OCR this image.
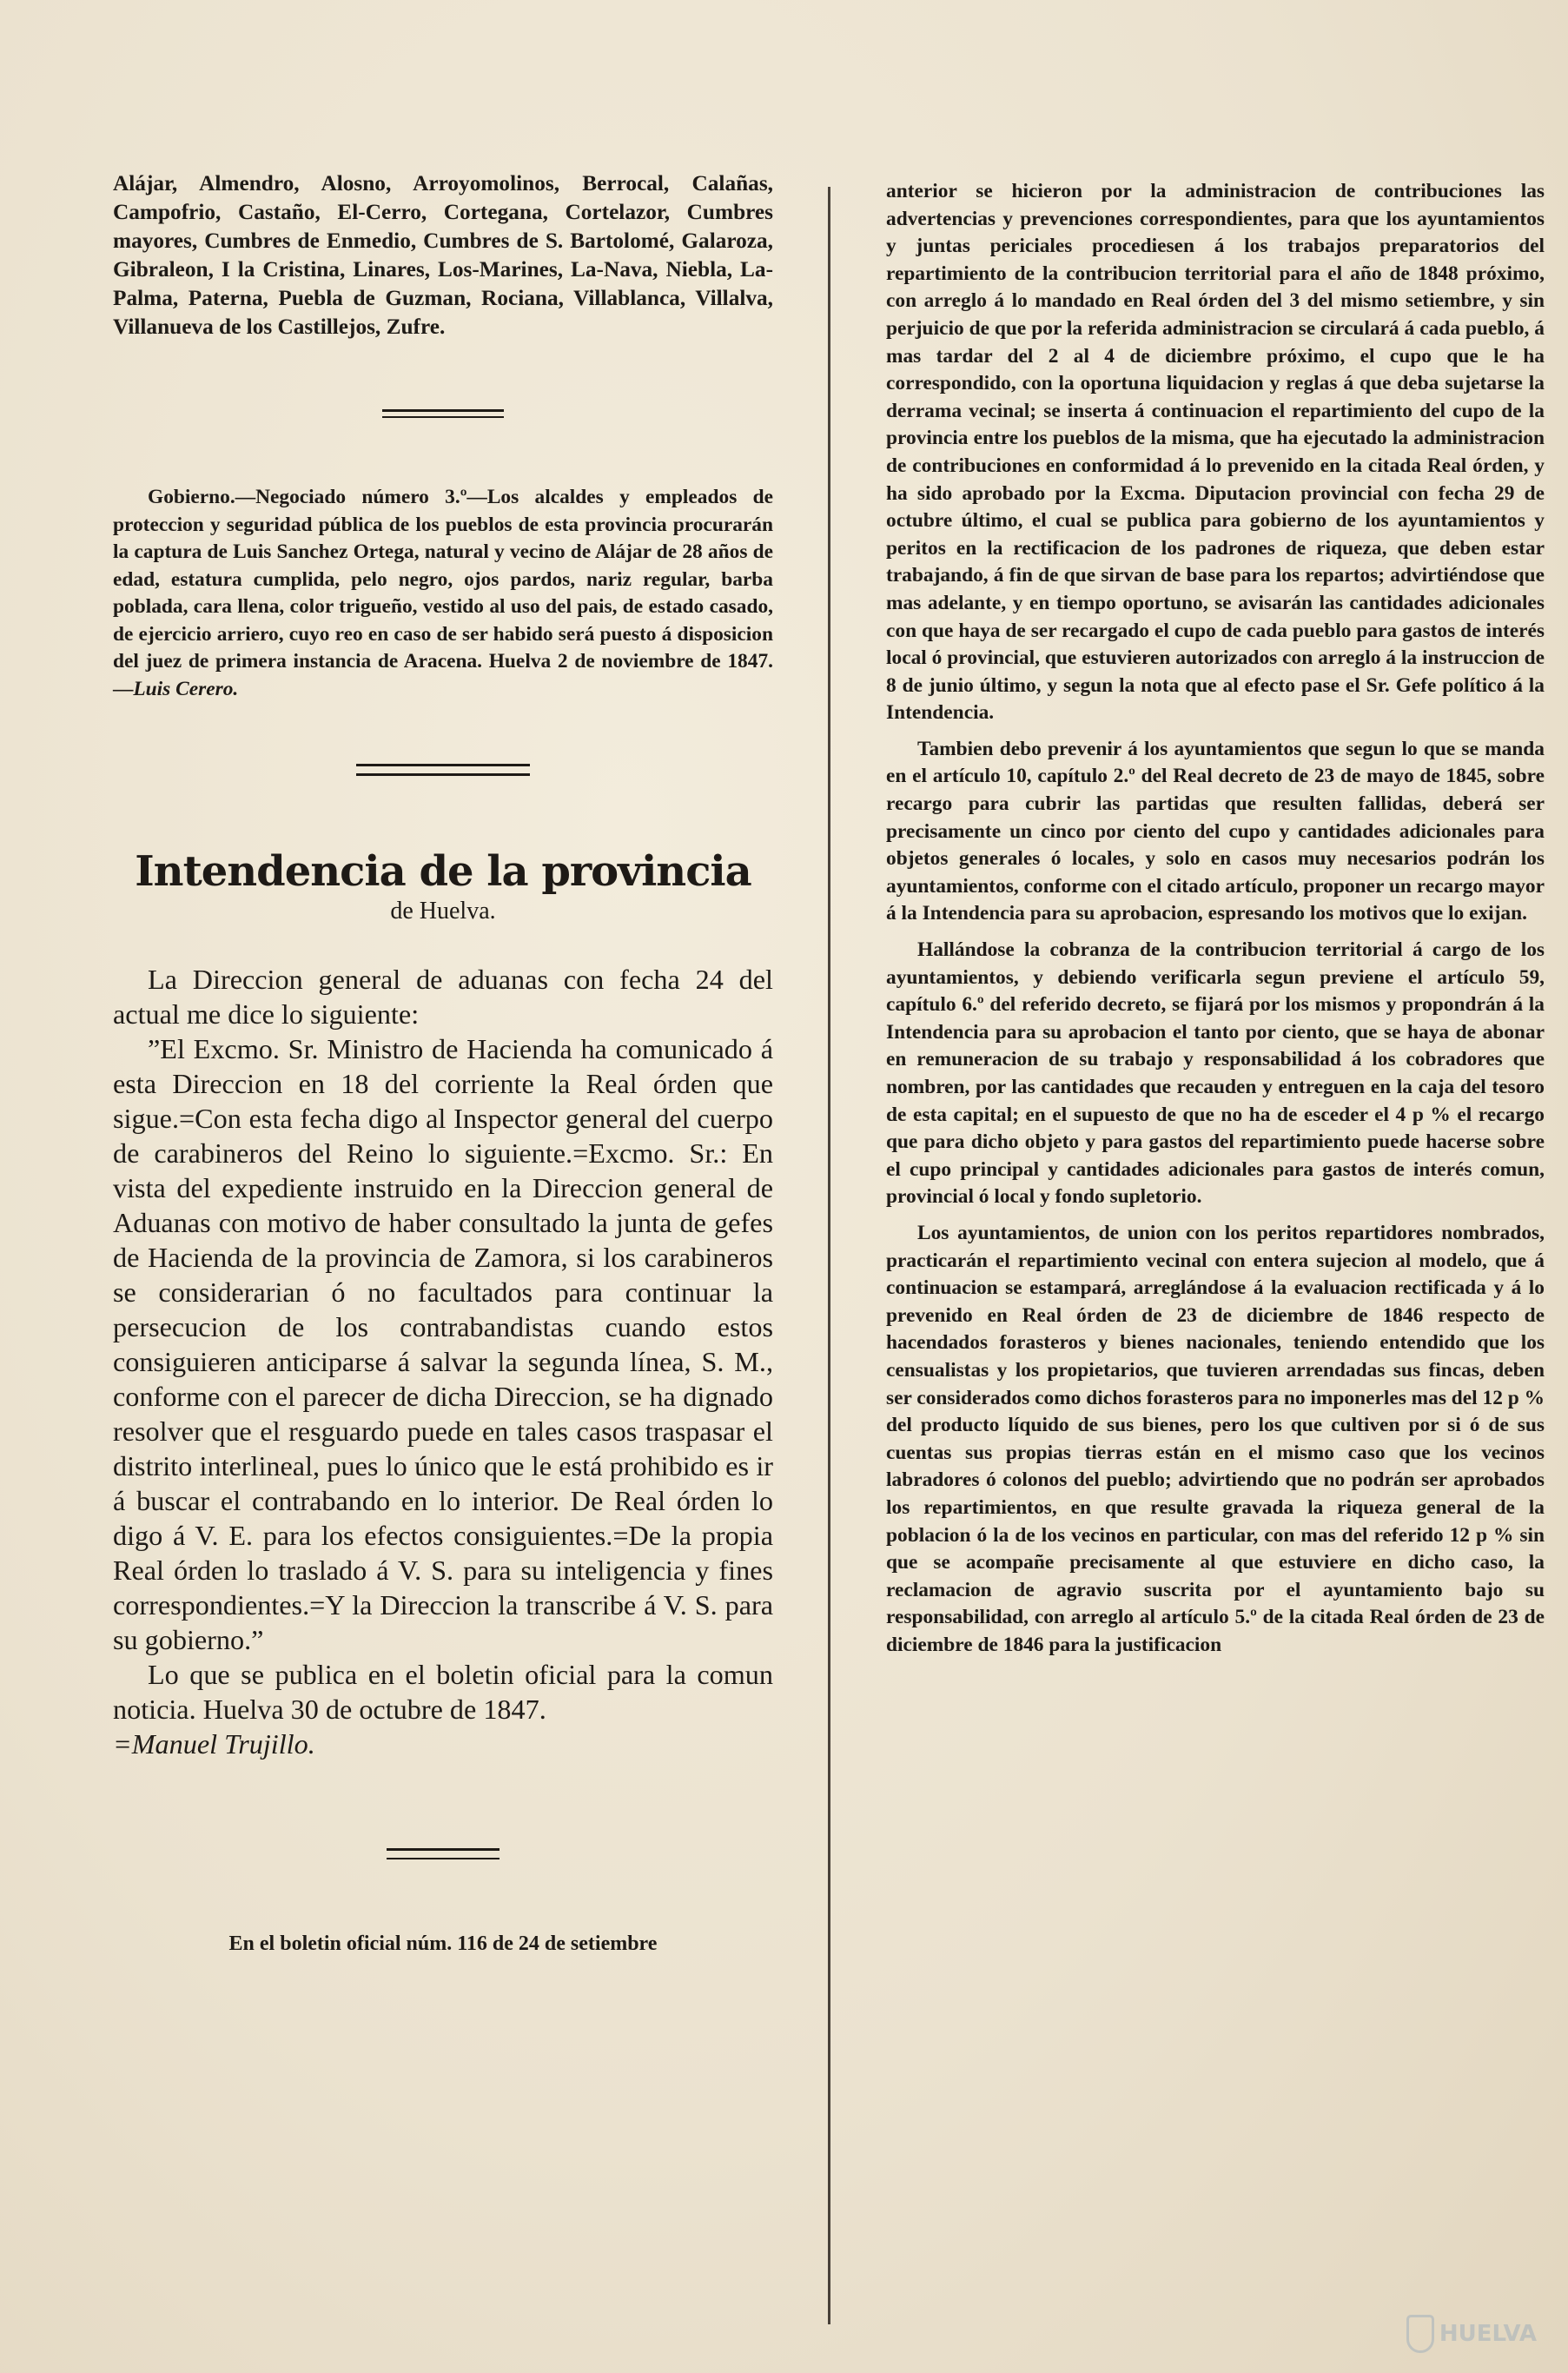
Alájar, Almendro, Alosno, Arroyomolinos, Berrocal, Calañas, Campofrio, Castaño, El-Cerro, Cortegana, Cortelazor, Cumbres mayores, Cumbres de Enmedio, Cumbres de S. Bartolomé, Galaroza, Gibraleon, I la Cristina, Linares, Los-Marines, La-Nava, Niebla, La-Palma, Paterna, Puebla de Guzman, Rociana, Villablanca, Villalva, Villanueva de los Castillejos, Zufre.

Gobierno.—Negociado número 3.º—Los alcaldes y empleados de proteccion y seguridad pública de los pueblos de esta provincia procurarán la captura de Luis Sanchez Ortega, natural y vecino de Alájar de 28 años de edad, estatura cumplida, pelo negro, ojos pardos, nariz regular, barba poblada, cara llena, color trigueño, vestido al uso del pais, de estado casado, de ejercicio arriero, cuyo reo en caso de ser habido será puesto á disposicion del juez de primera instancia de Aracena. Huelva 2 de noviembre de 1847.—Luis Cerero.

Intendencia de la provincia
de Huelva.

La Direccion general de aduanas con fecha 24 del actual me dice lo siguiente:

”El Excmo. Sr. Ministro de Hacienda ha comunicado á esta Direccion en 18 del corriente la Real órden que sigue.=Con esta fecha digo al Inspector general del cuerpo de carabineros del Reino lo siguiente.=Excmo. Sr.: En vista del expediente instruido en la Direccion general de Aduanas con motivo de haber consultado la junta de gefes de Hacienda de la provincia de Zamora, si los carabineros se considerarian ó no facultados para continuar la persecucion de los contrabandistas cuando estos consiguieren anticiparse á salvar la segunda línea, S. M., conforme con el parecer de dicha Direccion, se ha dignado resolver que el resguardo puede en tales casos traspasar el distrito interlineal, pues lo único que le está prohibido es ir á buscar el contrabando en lo interior. De Real órden lo digo á V. E. para los efectos consiguientes.=De la propia Real órden lo traslado á V. S. para su inteligencia y fines correspondientes.=Y la Direccion la transcribe á V. S. para su gobierno.”

Lo que se publica en el boletin oficial para la comun noticia. Huelva 30 de octubre de 1847.

=Manuel Trujillo.

En el boletin oficial núm. 116 de 24 de setiembre

anterior se hicieron por la administracion de contribuciones las advertencias y prevenciones correspondientes, para que los ayuntamientos y juntas periciales procediesen á los trabajos preparatorios del repartimiento de la contribucion territorial para el año de 1848 próximo, con arreglo á lo mandado en Real órden del 3 del mismo setiembre, y sin perjuicio de que por la referida administracion se circulará á cada pueblo, á mas tardar del 2 al 4 de diciembre próximo, el cupo que le ha correspondido, con la oportuna liquidacion y reglas á que deba sujetarse la derrama vecinal; se inserta á continuacion el repartimiento del cupo de la provincia entre los pueblos de la misma, que ha ejecutado la administracion de contribuciones en conformidad á lo prevenido en la citada Real órden, y ha sido aprobado por la Excma. Diputacion provincial con fecha 29 de octubre último, el cual se publica para gobierno de los ayuntamientos y peritos en la rectificacion de los padrones de riqueza, que deben estar trabajando, á fin de que sirvan de base para los repartos; advirtiéndose que mas adelante, y en tiempo oportuno, se avisarán las cantidades adicionales con que haya de ser recargado el cupo de cada pueblo para gastos de interés local ó provincial, que estuvieren autorizados con arreglo á la instruccion de 8 de junio último, y segun la nota que al efecto pase el Sr. Gefe político á la Intendencia.

Tambien debo prevenir á los ayuntamientos que segun lo que se manda en el artículo 10, capítulo 2.º del Real decreto de 23 de mayo de 1845, sobre recargo para cubrir las partidas que resulten fallidas, deberá ser precisamente un cinco por ciento del cupo y cantidades adicionales para objetos generales ó locales, y solo en casos muy necesarios podrán los ayuntamientos, conforme con el citado artículo, proponer un recargo mayor á la Intendencia para su aprobacion, espresando los motivos que lo exijan.

Hallándose la cobranza de la contribucion territorial á cargo de los ayuntamientos, y debiendo verificarla segun previene el artículo 59, capítulo 6.º del referido decreto, se fijará por los mismos y propondrán á la Intendencia para su aprobacion el tanto por ciento, que se haya de abonar en remuneracion de su trabajo y responsabilidad á los cobradores que nombren, por las cantidades que recauden y entreguen en la caja del tesoro de esta capital; en el supuesto de que no ha de esceder el 4 p % el recargo que para dicho objeto y para gastos del repartimiento puede hacerse sobre el cupo principal y cantidades adicionales para gastos de interés comun, provincial ó local y fondo supletorio.

Los ayuntamientos, de union con los peritos repartidores nombrados, practicarán el repartimiento vecinal con entera sujecion al modelo, que á continuacion se estampará, arreglándose á la evaluacion rectificada y á lo prevenido en Real órden de 23 de diciembre de 1846 respecto de hacendados forasteros y bienes nacionales, teniendo entendido que los censualistas y los propietarios, que tuvieren arrendadas sus fincas, deben ser considerados como dichos forasteros para no imponerles mas del 12 p % del producto líquido de sus bienes, pero los que cultiven por si ó de sus cuentas sus propias tierras están en el mismo caso que los vecinos labradores ó colonos del pueblo; advirtiendo que no podrán ser aprobados los repartimientos, en que resulte gravada la riqueza general de la poblacion ó la de los vecinos en particular, con mas del referido 12 p % sin que se acompañe precisamente al que estuviere en dicho caso, la reclamacion de agravio suscrita por el ayuntamiento bajo su responsabilidad, con arreglo al artículo 5.º de la citada Real órden de 23 de diciembre de 1846 para la justificacion

HUELVA
